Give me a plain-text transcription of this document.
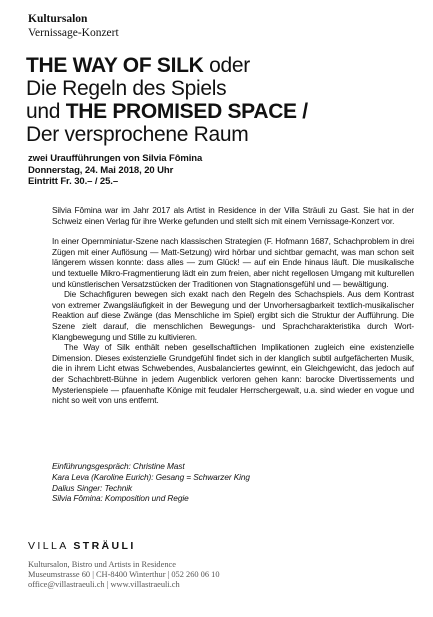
Kultursalon
Vernissage-Konzert
THE WAY OF SILK oder
Die Regeln des Spiels
und THE PROMISED SPACE /
Der versprochene Raum
zwei Uraufführungen von Silvia Fômina
Donnerstag, 24. Mai 2018, 20 Uhr
Eintritt Fr. 30.– / 25.–

Silvia Fômina war im Jahr 2017 als Artist in Residence in der Villa Sträuli zu Gast. Sie hat in der Schweiz einen Verlag für ihre Werke gefunden und stellt sich mit einem Vernissage-Konzert vor.

In einer Opernminiatur-Szene nach klassischen Strategien (F. Hofmann 1687, Schachproblem in drei Zügen mit einer Auflösung — Matt-Setzung) wird hörbar und sichtbar gemacht, was man schon seit längerem wissen konnte: dass alles — zum Glück! — auf ein Ende hinaus läuft. Die musikalische und textuelle Mikro-Fragmentierung lädt ein zum freien, aber nicht regellosen Umgang mit kulturellen und künstlerischen Versatzstücken der Traditionen von Stagnationsgefühl und — bewältigung.

Die Schachfiguren bewegen sich exakt nach den Regeln des Schachspiels. Aus dem Kontrast von extremer Zwangsläufigkeit in der Bewegung und der Unvorhersagbarkeit textlich-musikalischer Reaktion auf diese Zwänge (das Menschliche im Spiel) ergibt sich die Struktur der Aufführung. Die Szene zielt darauf, die menschlichen Bewegungs- und Sprachcharakteristika durch Wort-Klangbewegung und Stille zu kultivieren.

The Way of Silk enthält neben gesellschaftlichen Implikationen zugleich eine existenzielle Dimension. Dieses existenzielle Grundgefühl findet sich in der klanglich subtil aufgefächerten Musik, die in ihrem Licht etwas Schwebendes, Ausbalanciertes gewinnt, ein Gleichgewicht, das jedoch auf der Schachbrett-Bühne in jedem Augenblick verloren gehen kann: barocke Divertissements und Mysterienspiele — pfauenhafte Könige mit feudaler Herrschergewalt, u.a. sind wieder en vogue und nicht so weit von uns entfernt.

Einführungsgespräch: Christine Mast
Kara Leva (Karoline Eurich): Gesang = Schwarzer King
Dalius Singer: Technik
Silvia Fômina: Komposition und Regie
VILLA STRÄULI
Kultursalon, Bistro und Artists in Residence
Museumstrasse 60 | CH-8400 Winterthur | 052 260 06 10
office@villastraeuli.ch | www.villastraeuli.ch
